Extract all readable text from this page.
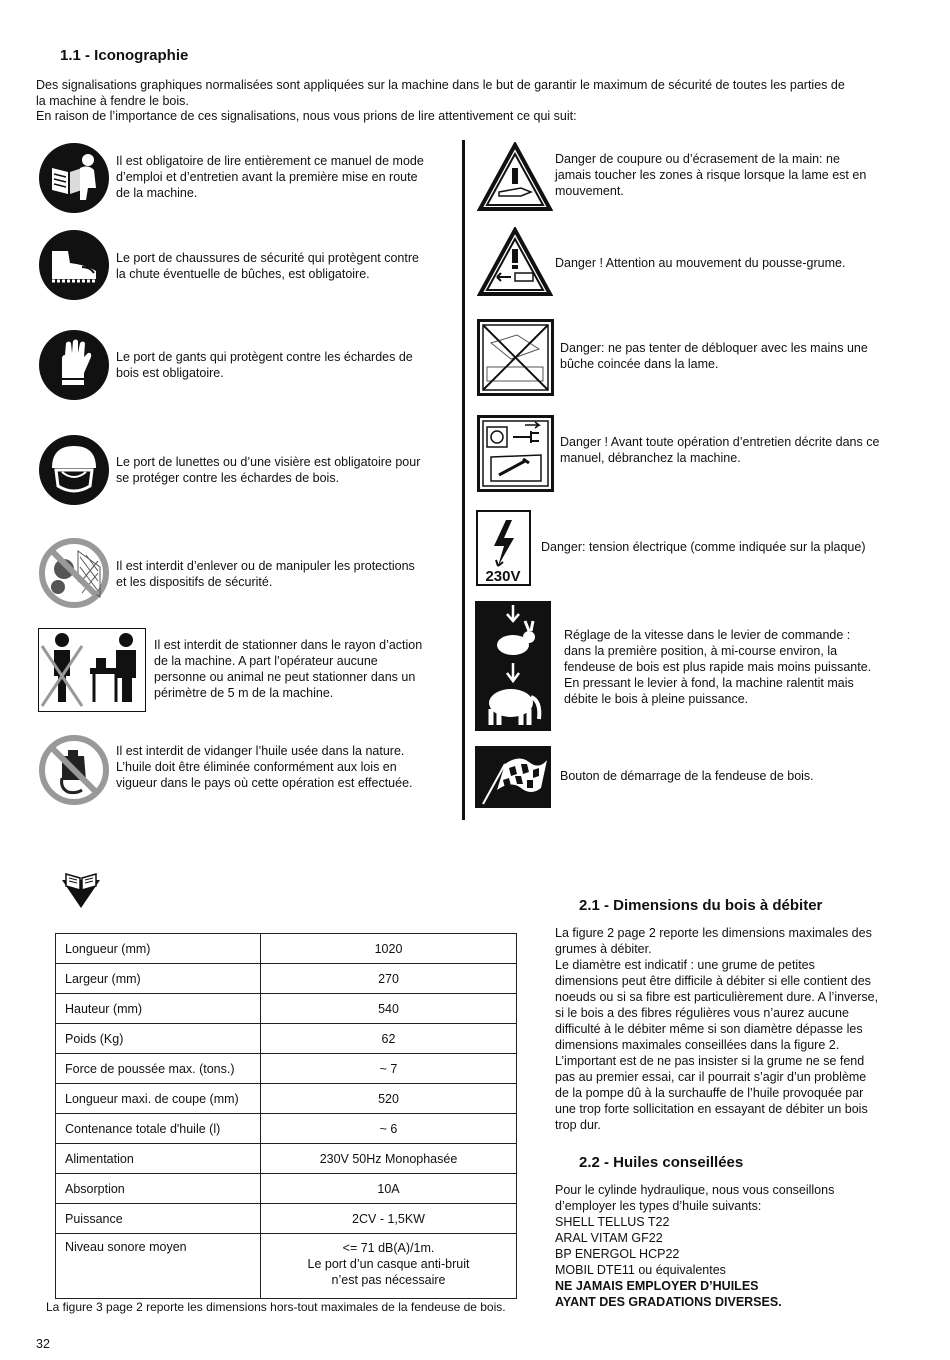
1.1 - Iconographie
Des signalisations graphiques normalisées sont appliquées sur la machine dans le but de garantir le maximum de sécurité de toutes les parties de
la machine à fendre le bois.
En raison de l’importance de ces signalisations, nous vous prions de lire attentivement ce qui suit:
Il est obligatoire de lire entièrement ce manuel de mode
d’emploi et d’entretien avant la première mise en route
de la machine.
Le port de chaussures de sécurité qui protègent contre
la chute éventuelle de bûches, est obligatoire.
Le port de gants qui protègent contre les échardes de
bois est obligatoire.
Le port de lunettes ou d’une visière est obligatoire pour
se protéger contre les échardes de bois.
Il est interdit d’enlever ou de manipuler les protections
et les dispositifs de sécurité.
Il est interdit de stationner dans le rayon d’action
de la machine. A part l’opérateur aucune
personne ou animal ne peut stationner dans un
périmètre de 5 m de la machine.
Il est interdit de vidanger l’huile usée dans la nature.
L’huile doit être éliminée conformément aux lois en
vigueur dans le pays où cette opération est effectuée.
Danger de coupure ou d’écrasement de la main: ne
jamais toucher les zones à risque lorsque la lame est en
mouvement.
Danger ! Attention au mouvement du pousse-grume.
Danger: ne pas tenter de débloquer avec les mains une
bûche coincée dans la lame.
Danger ! Avant toute opération d’entretien décrite dans ce
manuel, débranchez la machine.
230V
Danger: tension électrique (comme indiquée sur la plaque)
Réglage de la vitesse dans le levier de commande :
dans la première position, à mi-course environ, la
fendeuse de bois est plus rapide mais moins puissante.
En pressant le levier à fond, la machine ralentit mais
débite le bois à pleine puissance.
Bouton de démarrage de la fendeuse de bois.
Longueur (mm)	1020

Largeur (mm)	270

Hauteur (mm)	540

Poids (Kg)	62

Force de poussée max. (tons.)	~ 7

Longueur maxi. de coupe (mm)	520

Contenance totale d'huile (l)	~ 6

Alimentation	230V 50Hz Monophasée

Absorption	10A

Puissance	2CV - 1,5KW

Niveau sonore moyen	<= 71 dB(A)/1m.
Le port d’un casque anti-bruit
n’est pas nécessaire
La figure 3 page 2 reporte les dimensions hors-tout maximales de la fendeuse de bois.
2.1 - Dimensions du bois à débiter
La figure 2 page 2 reporte les dimensions maximales des
grumes à débiter.
Le diamètre est indicatif : une grume de petites
dimensions peut être difficile à débiter si elle contient des
noeuds ou si sa fibre est particulièrement dure. A l’inverse,
si le bois a des fibres régulières vous n’aurez aucune
difficulté à le débiter même si son diamètre dépasse les
dimensions maximales conseillées dans la figure 2.
L’important est de ne pas insister si la grume ne se fend
pas au premier essai, car il pourrait s’agir d’un problème
de la pompe dû à la surchauffe de l’huile provoquée par
une trop forte sollicitation en essayant de débiter un bois
trop dur.
2.2 - Huiles conseillées
Pour le cylinde hydraulique, nous vous conseillons
d’employer les types d’huile suivants:
SHELL TELLUS T22
ARAL VITAM GF22
BP ENERGOL HCP22
MOBIL DTE11 ou équivalentes
NE JAMAIS EMPLOYER D’HUILES
AYANT DES GRADATIONS DIVERSES.
32
